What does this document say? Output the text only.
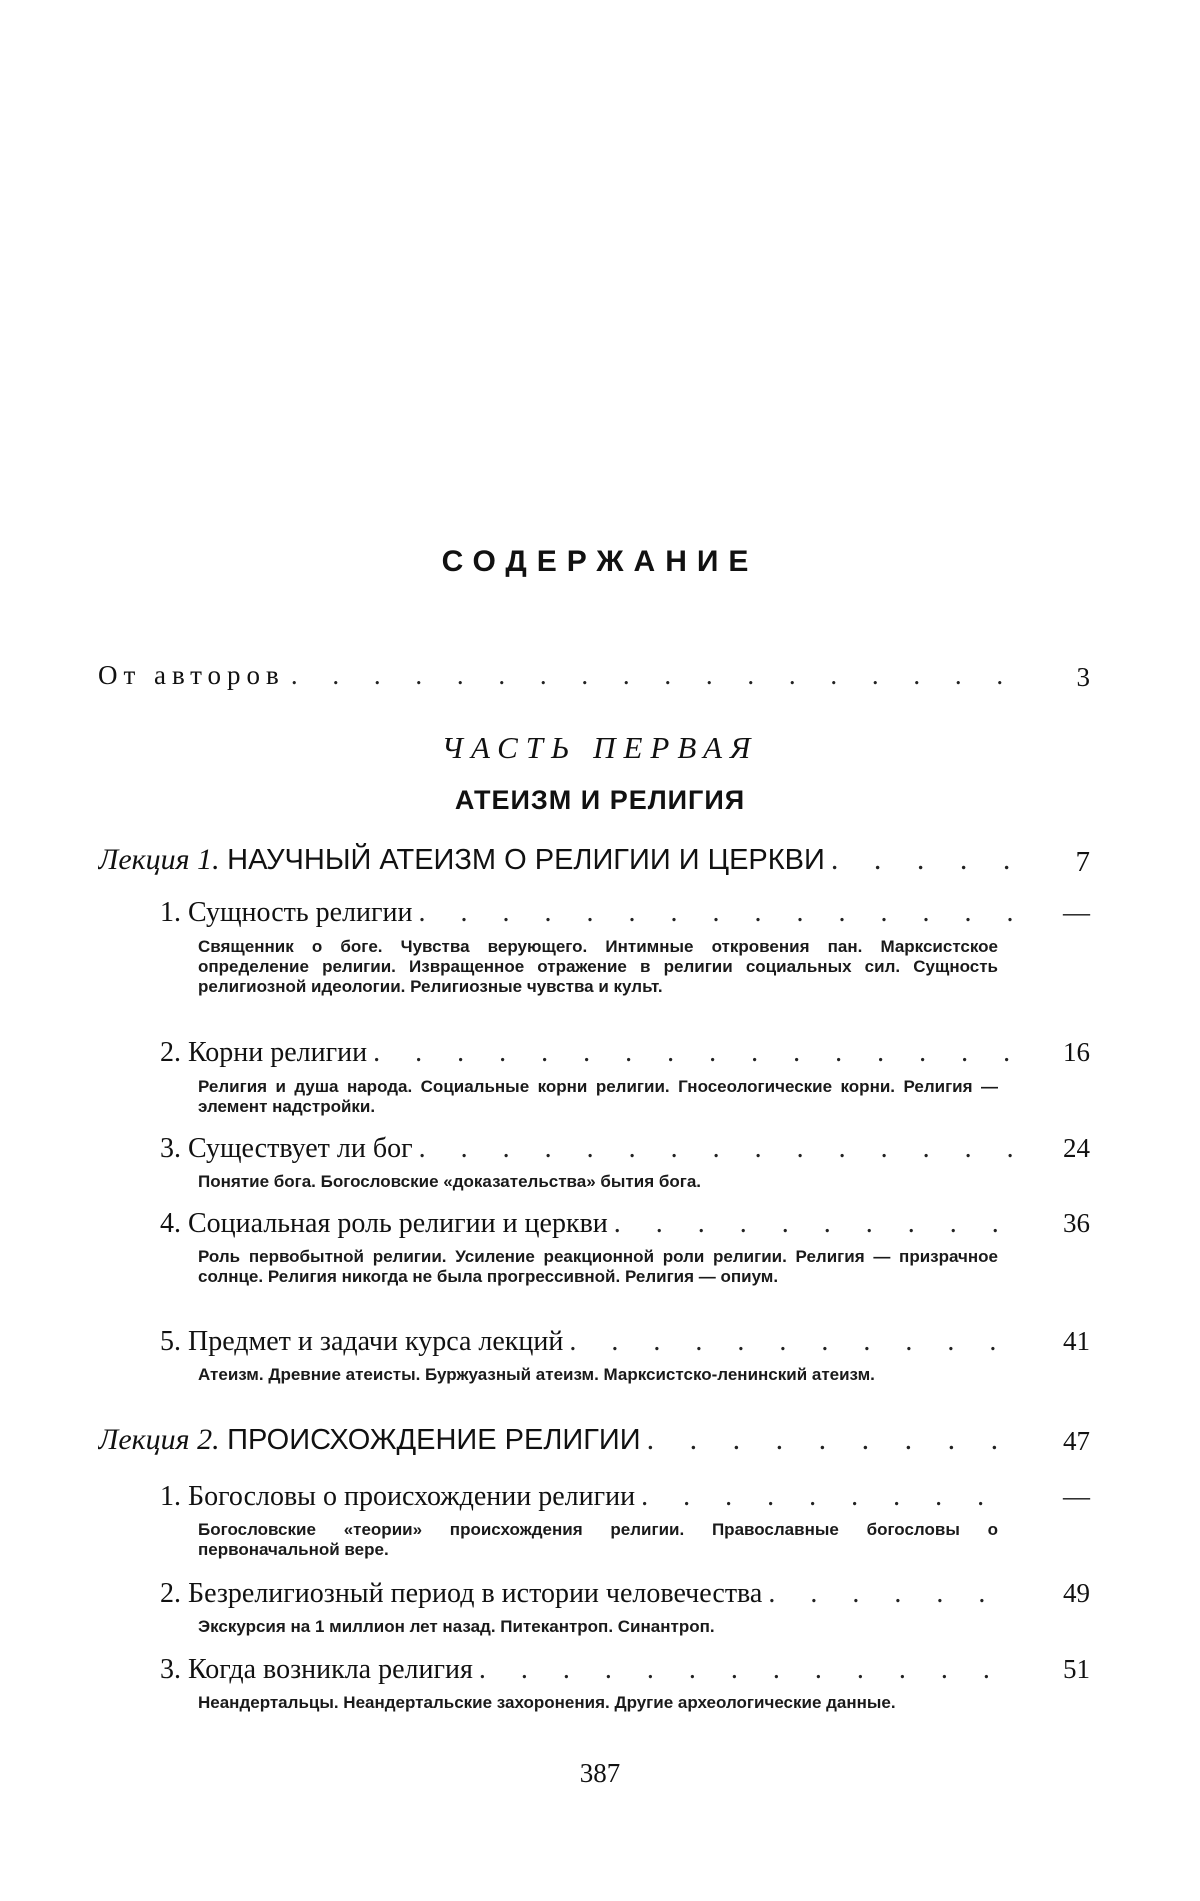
СОДЕРЖАНИЕ
От авторов . . .	3
ЧАСТЬ ПЕРВАЯ
АТЕИЗМ И РЕЛИГИЯ
Лекция 1. НАУЧНЫЙ АТЕИЗМ О РЕЛИГИИ И ЦЕРКВИ . . .	7
1. Сущность религии . . .	—
Священник о боге. Чувства верующего. Интимные откровения пан. Марксистское определение религии. Извращенное отражение в религии социальных сил. Сущность религиозной идеологии. Религиозные чувства и культ.
2. Корни религии . . .	16
Религия и душа народа. Социальные корни религии. Гносеологические корни. Религия — элемент надстройки.
3. Существует ли бог . . .	24
Понятие бога. Богословские «доказательства» бытия бога.
4. Социальная роль религии и церкви . . .	36
Роль первобытной религии. Усиление реакционной роли религии. Религия — призрачное солнце. Религия никогда не была прогрессивной. Религия — опиум.
5. Предмет и задачи курса лекций . . .	41
Атеизм. Древние атеисты. Буржуазный атеизм. Марксистско-ленинский атеизм.
Лекция 2. ПРОИСХОЖДЕНИЕ РЕЛИГИИ . . .	47
1. Богословы о происхождении религии . . .	—
Богословские «теории» происхождения религии. Православные богословы о первоначальной вере.
2. Безрелигиозный период в истории человечества . . .	49
Экскурсия на 1 миллион лет назад. Питекантроп. Синантроп.
3. Когда возникла религия . . .	51
Неандертальцы. Неандертальские захоронения. Другие археологические данные.
387
